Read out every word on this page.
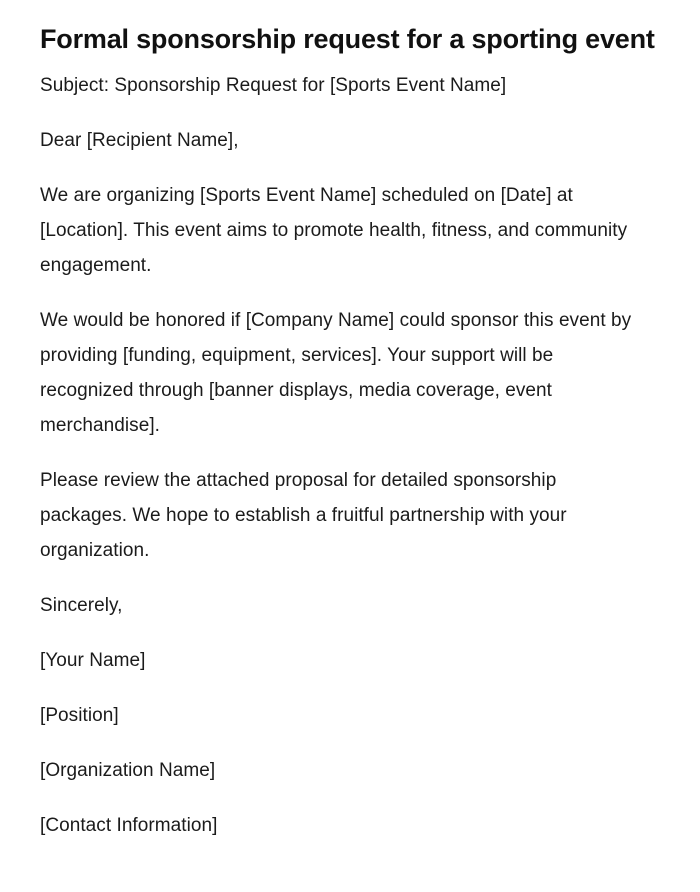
Formal sponsorship request for a sporting event

Subject: Sponsorship Request for [Sports Event Name]

Dear [Recipient Name],

We are organizing [Sports Event Name] scheduled on [Date] at [Location]. This event aims to promote health, fitness, and community engagement.

We would be honored if [Company Name] could sponsor this event by providing [funding, equipment, services]. Your support will be recognized through [banner displays, media coverage, event merchandise].

Please review the attached proposal for detailed sponsorship packages. We hope to establish a fruitful partnership with your organization.

Sincerely,

[Your Name]

[Position]

[Organization Name]

[Contact Information]
